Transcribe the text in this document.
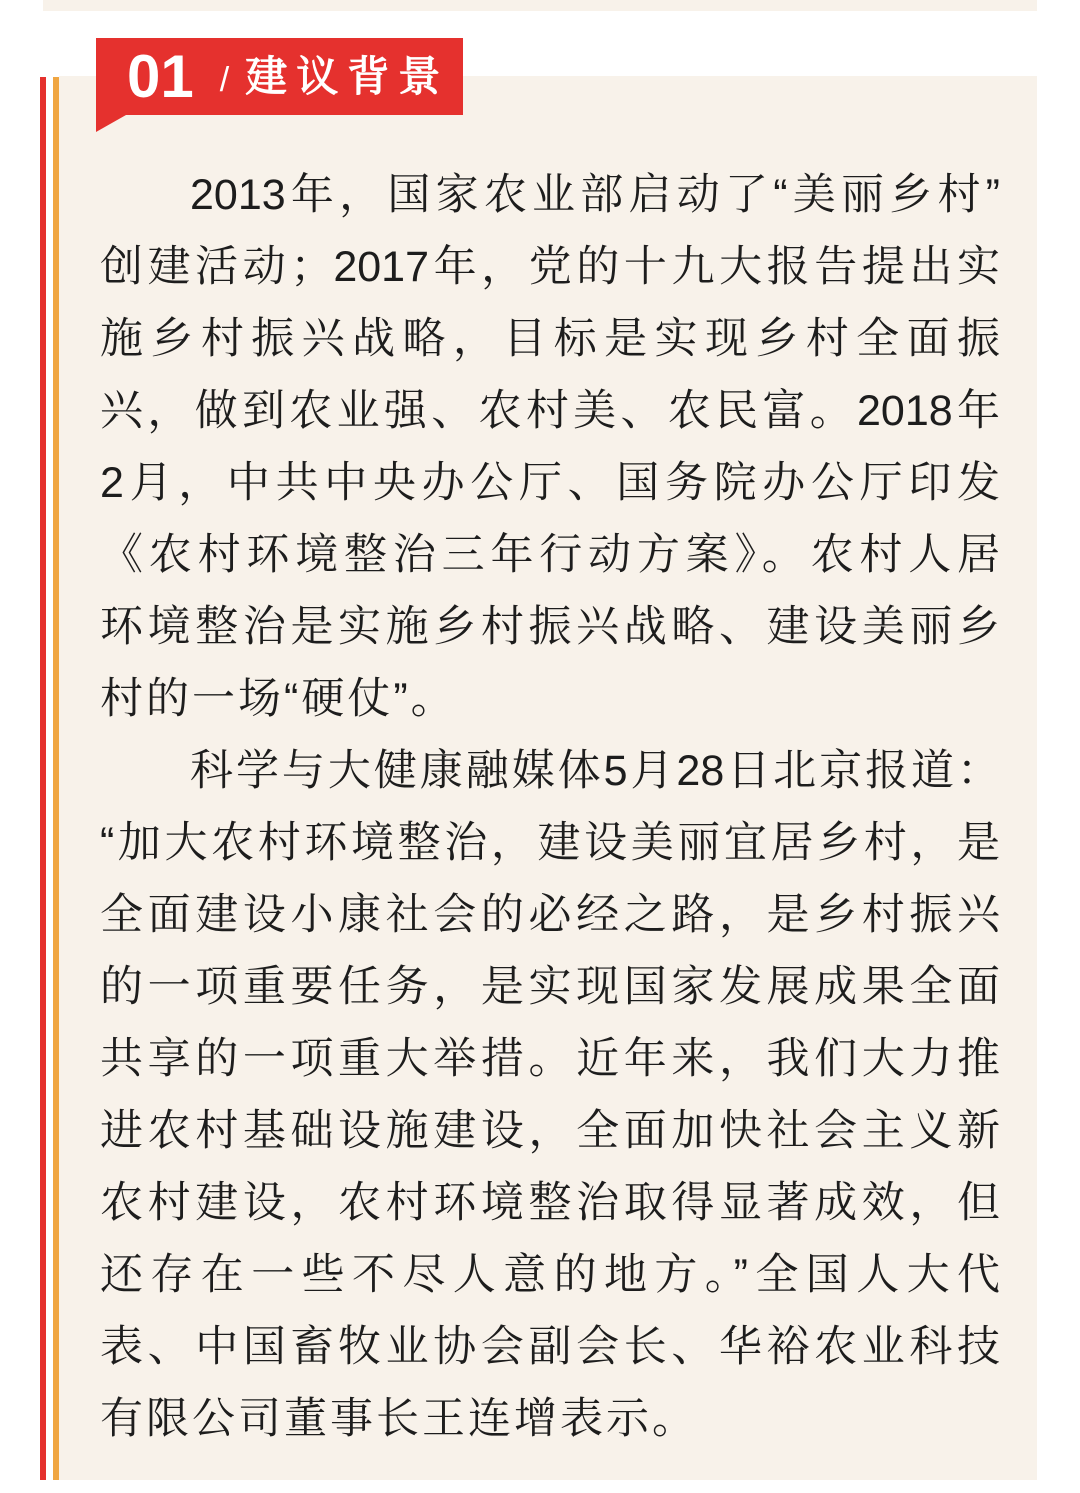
01 / 建议背景
2013年，国家农业部启动了“美丽乡村”
创建活动；2017年，党的十九大报告提出实
施乡村振兴战略，目标是实现乡村全面振
兴，做到农业强、农村美、农民富。2018年
2月，中共中央办公厅、国务院办公厅印发
《农村环境整治三年行动方案》。农村人居
环境整治是实施乡村振兴战略、建设美丽乡
村的一场“硬仗”。
科学与大健康融媒体5月28日北京报道：
“加大农村环境整治，建设美丽宜居乡村，是
全面建设小康社会的必经之路，是乡村振兴
的一项重要任务，是实现国家发展成果全面
共享的一项重大举措。近年来，我们大力推
进农村基础设施建设，全面加快社会主义新
农村建设，农村环境整治取得显著成效，但
还存在一些不尽人意的地方。”全国人大代
表、中国畜牧业协会副会长、华裕农业科技
有限公司董事长王连增表示。
